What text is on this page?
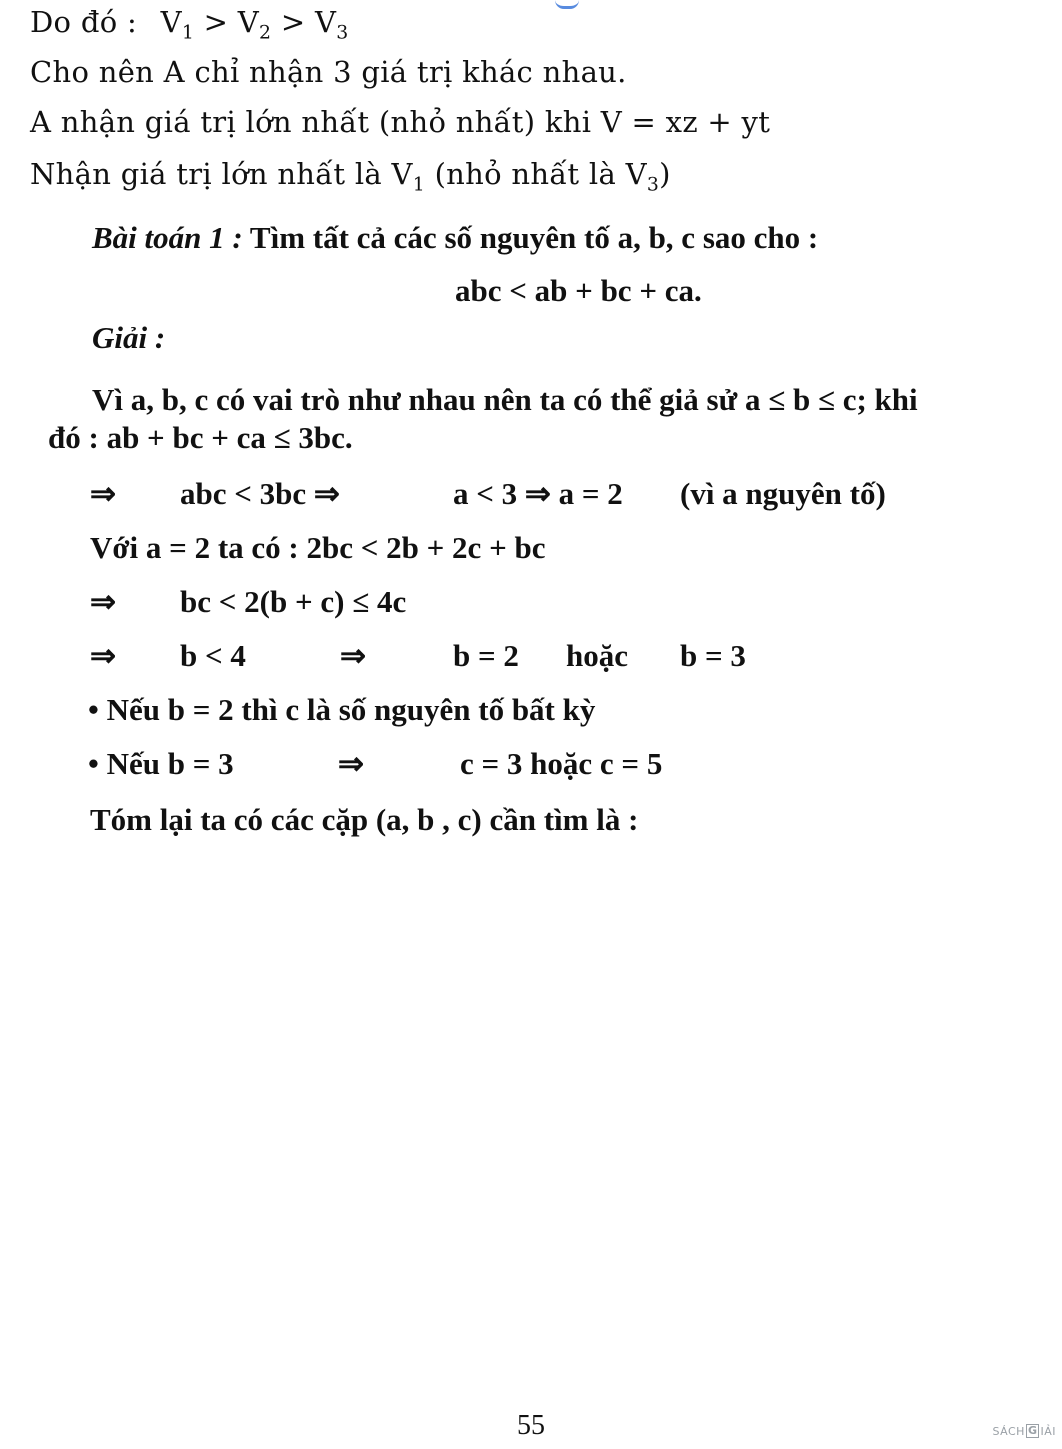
Do đó : $V_1 > V_2 > V_3$
Cho nên A chỉ nhận 3 giá trị khác nhau.
A nhận giá trị lớn nhất (nhỏ nhất) khi V = xz + yt
Nhận giá trị lớn nhất là $V_1$ (nhỏ nhất là $V_3$)
Bài toán 1 : Tìm tất cả các số nguyên tố a, b, c sao cho :
abc < ab + bc + ca.
Giải :
Vì a, b, c có vai trò như nhau nên ta có thể giả sử a ≤ b ≤ c; khi
đó : ab + bc + ca ≤ 3bc.
⇒ abc < 3bc ⇒	a < 3 ⇒ a = 2 (vì a nguyên tố)
Với a = 2 ta có : 2bc < 2b + 2c + bc
⇒ bc < 2(b + c) ≤ 4c
⇒ b < 4	⇒	b = 2 hoặc b = 3
• Nếu b = 2 thì c là số nguyên tố bất kỳ
• Nếu b = 3	⇒	c = 3 hoặc c = 5
Tóm lại ta có các cặp (a, b , c) cần tìm là :
55	SÁCH G IẢI
